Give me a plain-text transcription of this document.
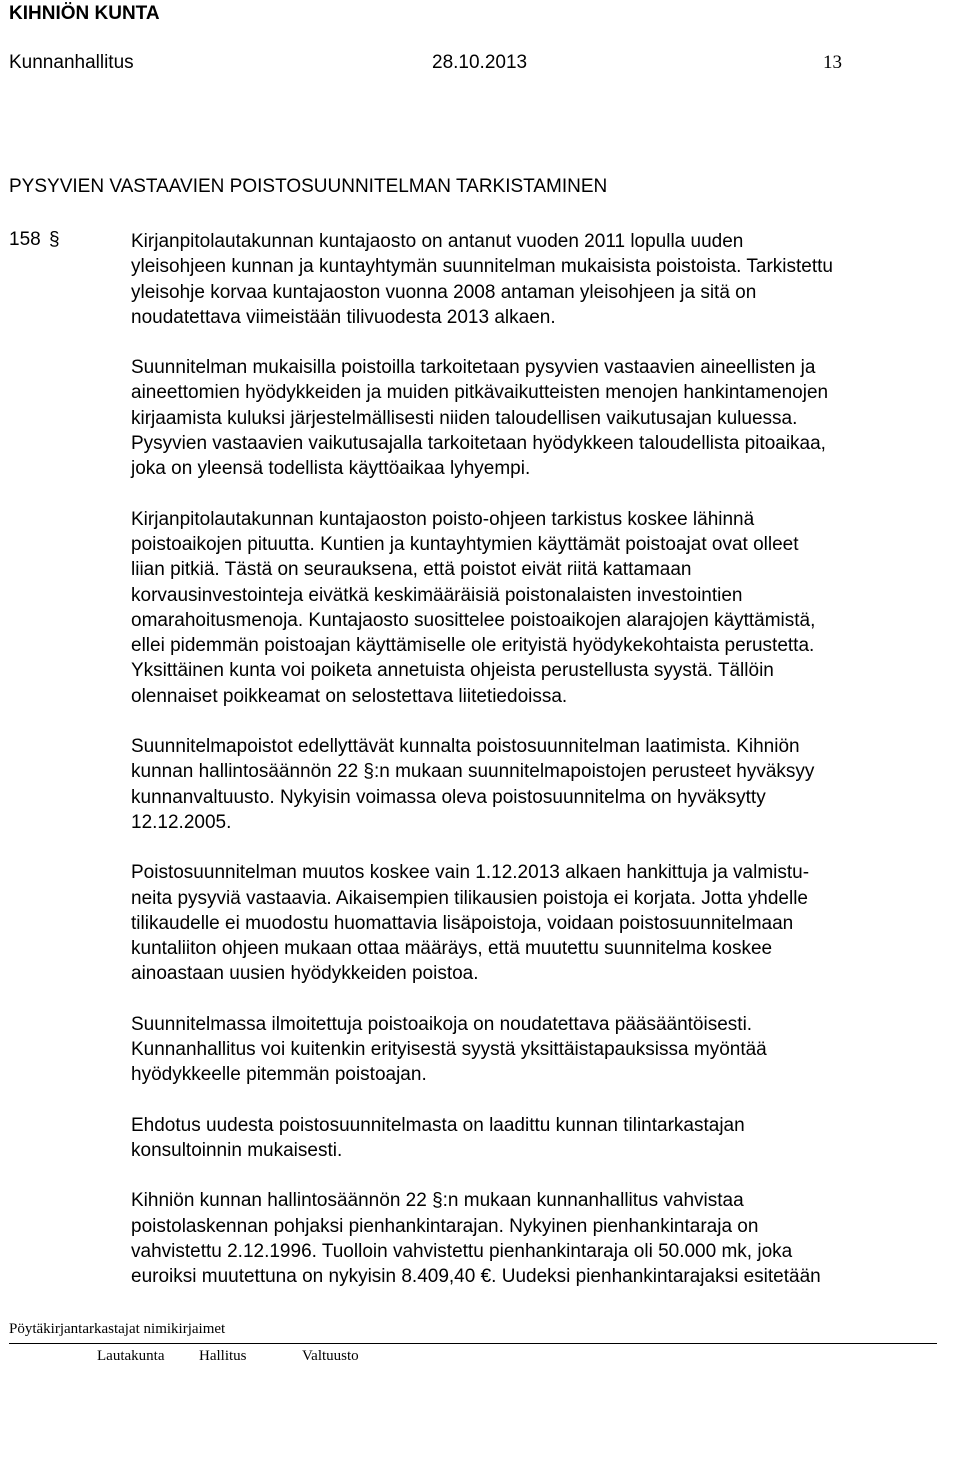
KIHNIÖN KUNTA
Kunnanhallitus	28.10.2013	13
PYSYVIEN VASTAAVIEN POISTOSUUNNITELMAN TARKISTAMINEN
158 §	Kirjanpitolautakunnan kuntajaosto on antanut vuoden 2011 lopulla uuden
yleisohjeen kunnan ja kuntayhtymän suunnitelman mukaisista poistoista. Tarkistettu
yleisohje korvaa kuntajaoston vuonna 2008 antaman yleisohjeen ja sitä on
noudatettava viimeistään tilivuodesta 2013 alkaen.

Suunnitelman mukaisilla poistoilla tarkoitetaan pysyvien vastaavien aineellisten ja
aineettomien hyödykkeiden ja muiden pitkävaikutteisten menojen hankintamenojen
kirjaamista kuluksi järjestelmällisesti niiden taloudellisen vaikutusajan kuluessa.
Pysyvien vastaavien vaikutusajalla tarkoitetaan hyödykkeen taloudellista pitoaikaa,
joka on yleensä todellista käyttöaikaa lyhyempi.

Kirjanpitolautakunnan kuntajaoston poisto-ohjeen tarkistus koskee lähinnä
poistoaikojen pituutta. Kuntien ja kuntayhtymien käyttämät poistoajat ovat olleet
liian pitkiä. Tästä on seurauksena, että poistot eivät riitä kattamaan
korvausinvestointeja eivätkä keskimääräisiä poistonalaisten investointien
omarahoitusmenoja. Kuntajaosto suosittelee poistoaikojen alarajojen käyttämistä,
ellei pidemmän poistoajan käyttämiselle ole erityistä hyödykekohtaista perustetta.
Yksittäinen kunta voi poiketa annetuista ohjeista perustellusta syystä. Tällöin
olennaiset poikkeamat on selostettava liitetiedoissa.

Suunnitelmapoistot edellyttävät kunnalta poistosuunnitelman laatimista. Kihniön
kunnan hallintosäännön 22 §:n mukaan suunnitelmapoistojen perusteet hyväksyy
kunnanvaltuusto. Nykyisin voimassa oleva poistosuunnitelma on hyväksytty
12.12.2005.

Poistosuunnitelman muutos koskee vain 1.12.2013 alkaen hankittuja ja valmistu-
neita pysyviä vastaavia. Aikaisempien tilikausien poistoja ei korjata. Jotta yhdelle
tilikaudelle ei muodostu huomattavia lisäpoistoja, voidaan poistosuunnitelmaan
kuntaliiton ohjeen mukaan ottaa määräys, että muutettu suunnitelma koskee
ainoastaan uusien hyödykkeiden poistoa.

Suunnitelmassa ilmoitettuja poistoaikoja on noudatettava pääsääntöisesti.
Kunnanhallitus voi kuitenkin erityisestä syystä yksittäistapauksissa myöntää
hyödykkeelle pitemmän poistoajan.

Ehdotus uudesta poistosuunnitelmasta on laadittu kunnan tilintarkastajan
konsultoinnin mukaisesti.

Kihniön kunnan hallintosäännön 22 §:n mukaan kunnanhallitus vahvistaa
poistolaskennan pohjaksi pienhankintarajan. Nykyinen pienhankintaraja on
vahvistettu 2.12.1996. Tuolloin vahvistettu pienhankintaraja oli 50.000 mk, joka
euroiksi muutettuna on nykyisin 8.409,40 €. Uudeksi pienhankintarajaksi esitetään

Pöytäkirjantarkastajat nimikirjaimet
Lautakunta Hallitus	Valtuusto
